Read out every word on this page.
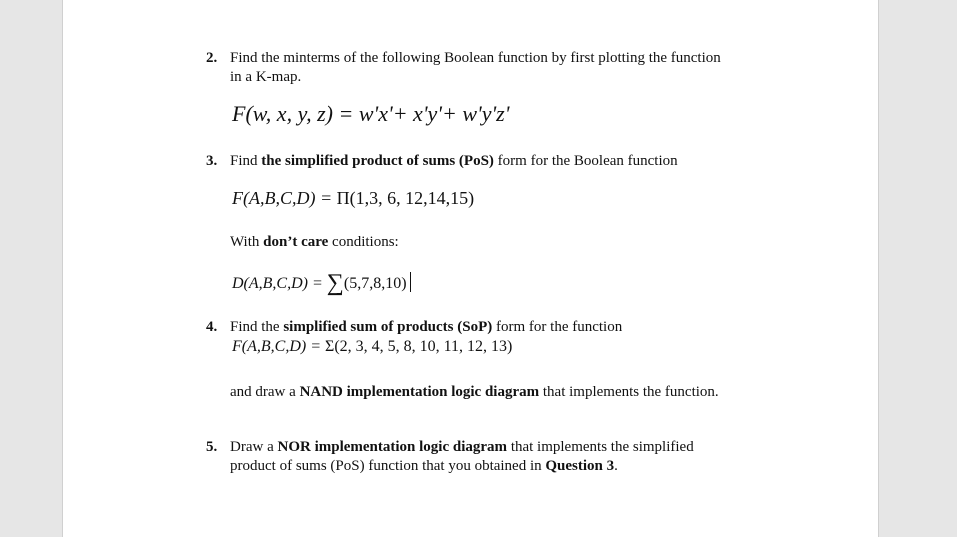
2. Find the minterms of the following Boolean function by first plotting the function
in a K-map.
F(w, x, y, z) = w'x'+ x'y'+ w'y'z'
3. Find the simplified product of sums (PoS) form for the Boolean function
F(A,B,C,D) = Π(1,3, 6, 12,14,15)
With don’t care conditions:
D(A,B,C,D) = ∑(5,7,8,10)
4. Find the simplified sum of products (SoP) form for the function
F(A,B,C,D) = Σ(2, 3, 4, 5, 8, 10, 11, 12, 13)
and draw a NAND implementation logic diagram that implements the function.
5. Draw a NOR implementation logic diagram that implements the simplified
product of sums (PoS) function that you obtained in Question 3.
